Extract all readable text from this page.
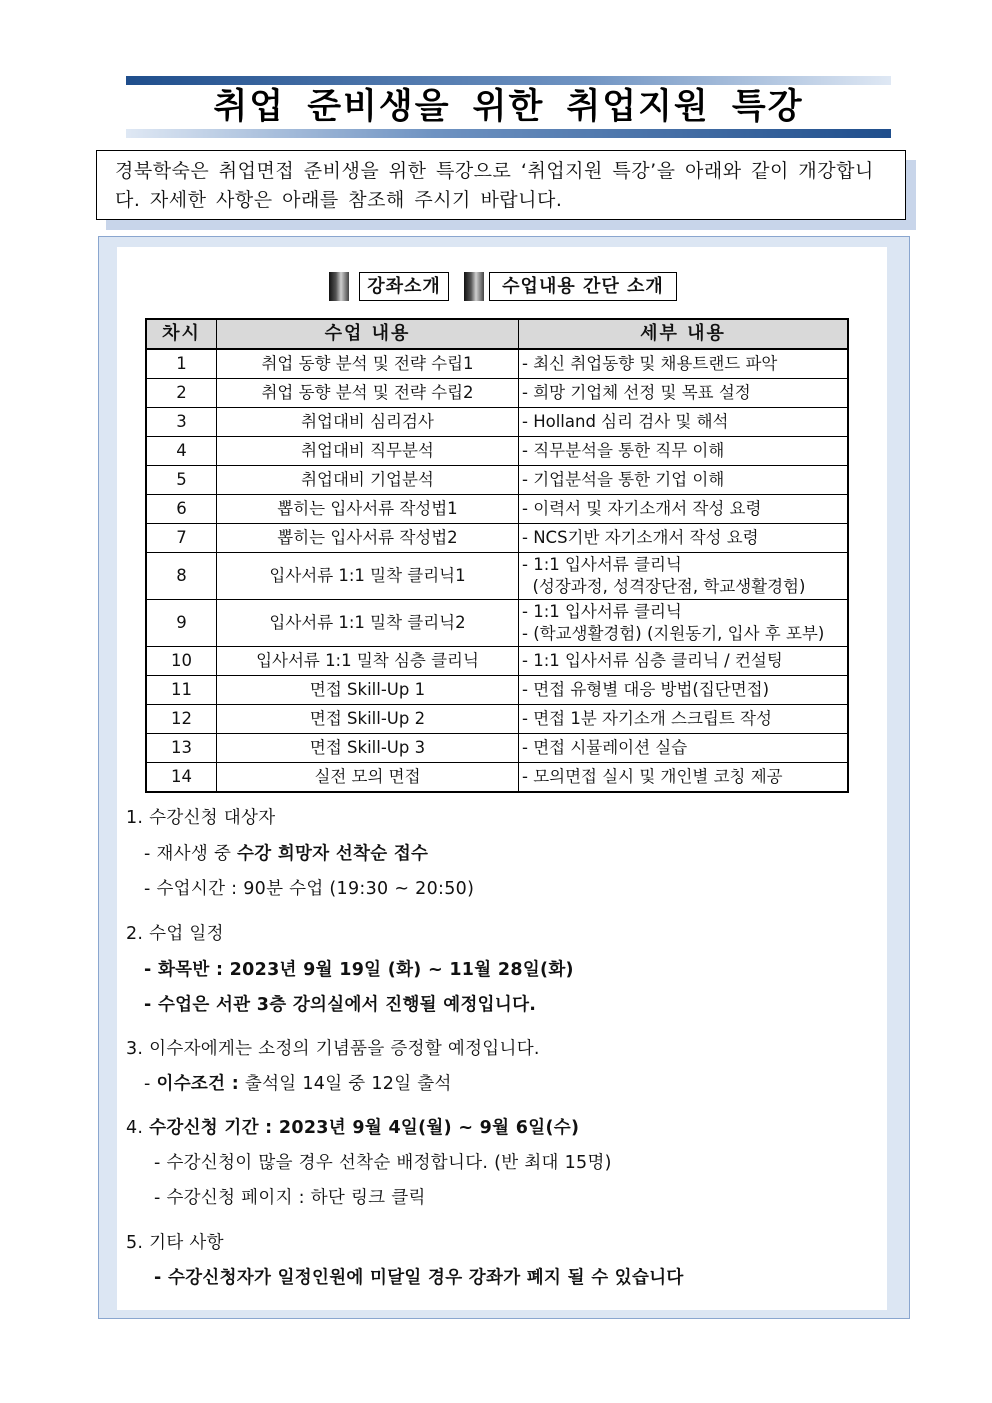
취업 준비생을 위한 취업지원 특강
경북학숙은 취업면접 준비생을 위한 특강으로 ‘취업지원 특강’을 아래와 같이 개강합니다. 자세한 사항은 아래를 참조해 주시기 바랍니다.
강좌소개	수업내용 간단 소개
차시	수업 내용	세부 내용
1	취업 동향 분석 및 전략 수립1	- 최신 취업동향 및 채용트랜드 파악

2	취업 동향 분석 및 전략 수립2	- 희망 기업체 선정 및 목표 설정

3	취업대비 심리검사	- Holland 심리 검사 및 해석

4	취업대비 직무분석	- 직무분석을 통한 직무 이해

5	취업대비 기업분석	- 기업분석을 통한 기업 이해

6	뽑히는 입사서류 작성법1	- 이력서 및 자기소개서 작성 요령

7	뽑히는 입사서류 작성법2	- NCS기반 자기소개서 작성 요령

8	입사서류 1:1 밀착 클리닉1	- 1:1 입사서류 클리닉
(성장과정, 성격장단점, 학교생활경험)

9	입사서류 1:1 밀착 클리닉2	- 1:1 입사서류 클리닉
- (학교생활경험) (지원동기, 입사 후 포부)

10	입사서류 1:1 밀착 심층 클리닉	- 1:1 입사서류 심층 클리닉 / 컨설팅

11	면접 Skill-Up 1	- 면접 유형별 대응 방법(집단면접)

12	면접 Skill-Up 2	- 면접 1분 자기소개 스크립트 작성

13	면접 Skill-Up 3	- 면접 시뮬레이션 실습

14	실전 모의 면접	- 모의면접 실시 및 개인별 코칭 제공
1. 수강신청 대상자
- 재사생 중 수강 희망자 선착순 접수
- 수업시간 : 90분 수업 (19:30 ~ 20:50)
2. 수업 일정
- 화목반 : 2023년 9월 19일 (화) ~ 11월 28일(화)
- 수업은 서관 3층 강의실에서 진행될 예정입니다.
3. 이수자에게는 소정의 기념품을 증정할 예정입니다.
- 이수조건 : 출석일 14일 중 12일 출석
4. 수강신청 기간 : 2023년 9월 4일(월) ~ 9월 6일(수)
- 수강신청이 많을 경우 선착순 배정합니다. (반 최대 15명)
- 수강신청 페이지 : 하단 링크 클릭
5. 기타 사항
- 수강신청자가 일정인원에 미달일 경우 강좌가 폐지 될 수 있습니다
